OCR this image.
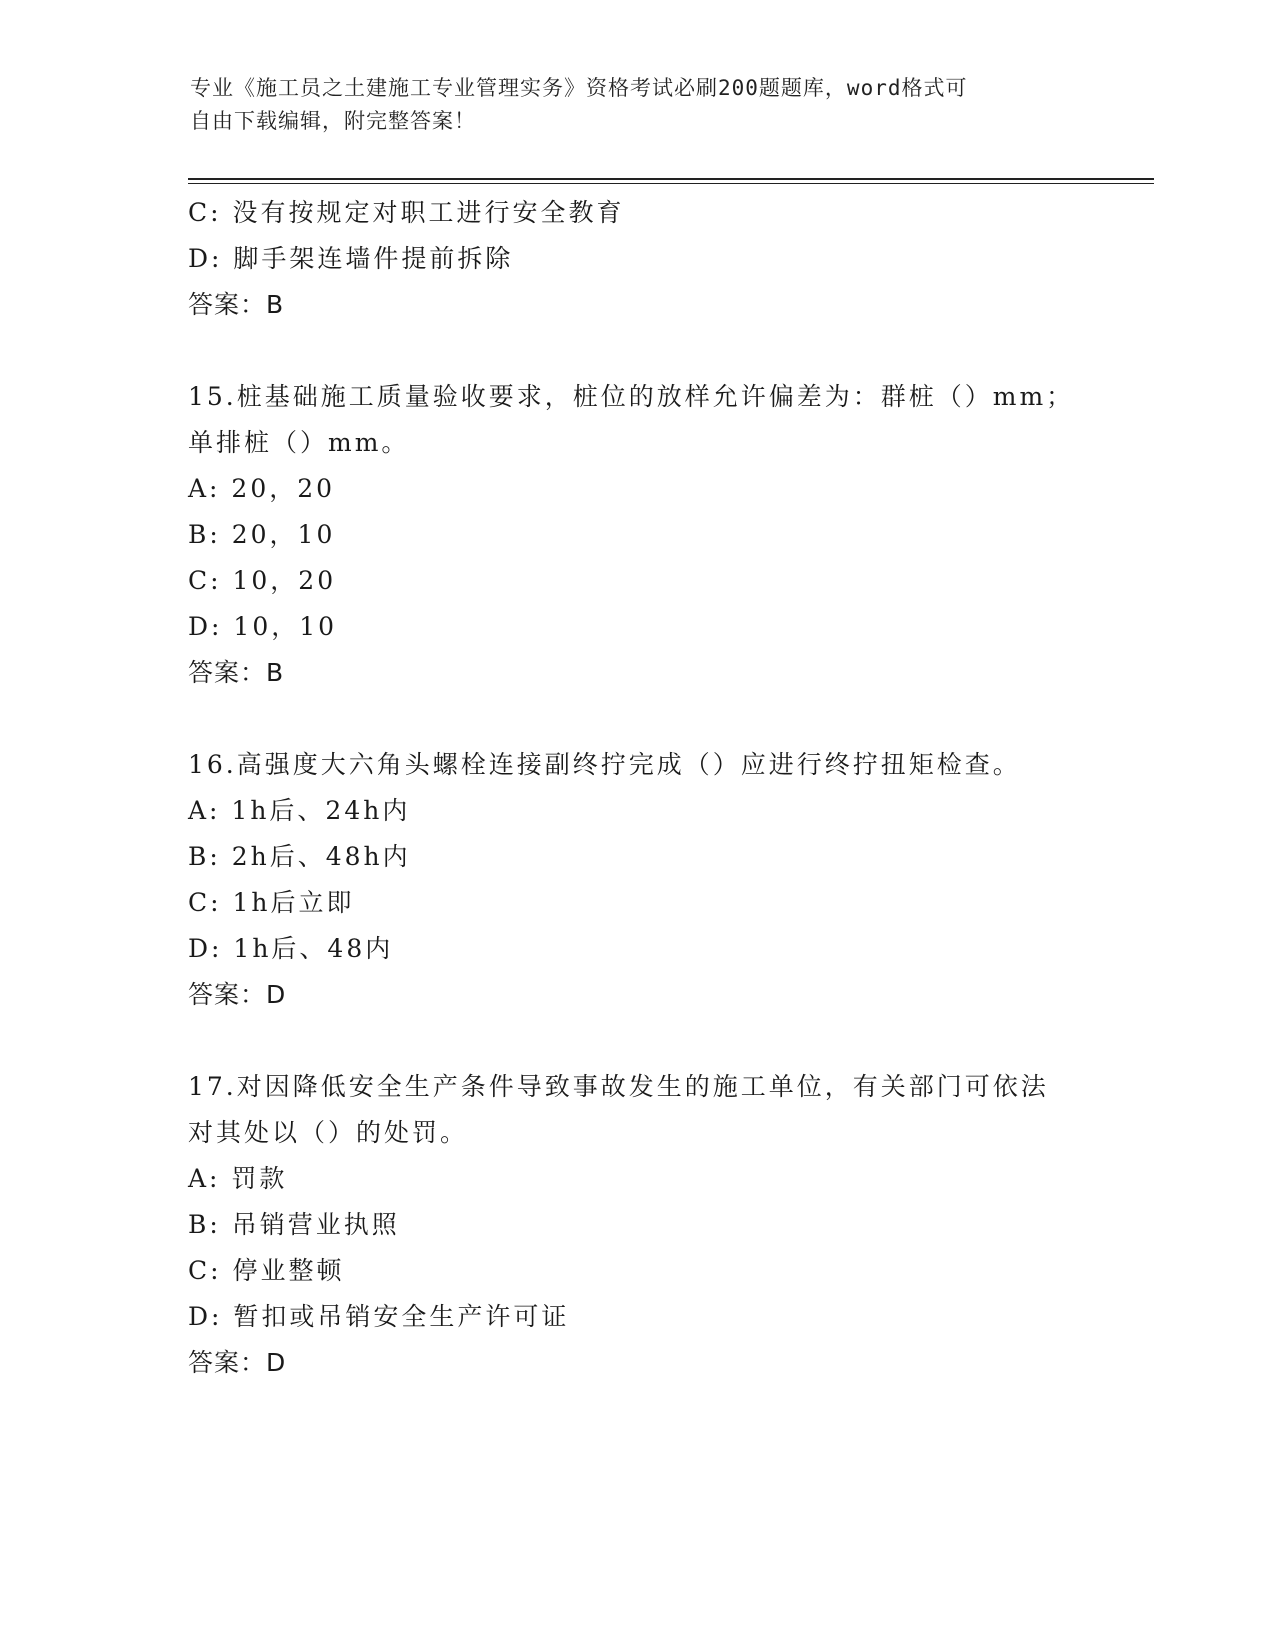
专业《施工员之土建施工专业管理实务》资格考试必刷200题题库，word格式可
自由下载编辑，附完整答案！
C: 没有按规定对职工进行安全教育
D: 脚手架连墙件提前拆除
答案：B
15.桩基础施工质量验收要求，桩位的放样允许偏差为：群桩（）mm；
单排桩（）mm。
A: 20，20
B: 20，10
C: 10，20
D: 10，10
答案：B
16.高强度大六角头螺栓连接副终拧完成（）应进行终拧扭矩检查。
A: 1h后、24h内
B: 2h后、48h内
C: 1h后立即
D: 1h后、48内
答案：D
17.对因降低安全生产条件导致事故发生的施工单位，有关部门可依法
对其处以（）的处罚。
A: 罚款
B: 吊销营业执照
C: 停业整顿
D: 暂扣或吊销安全生产许可证
答案：D
